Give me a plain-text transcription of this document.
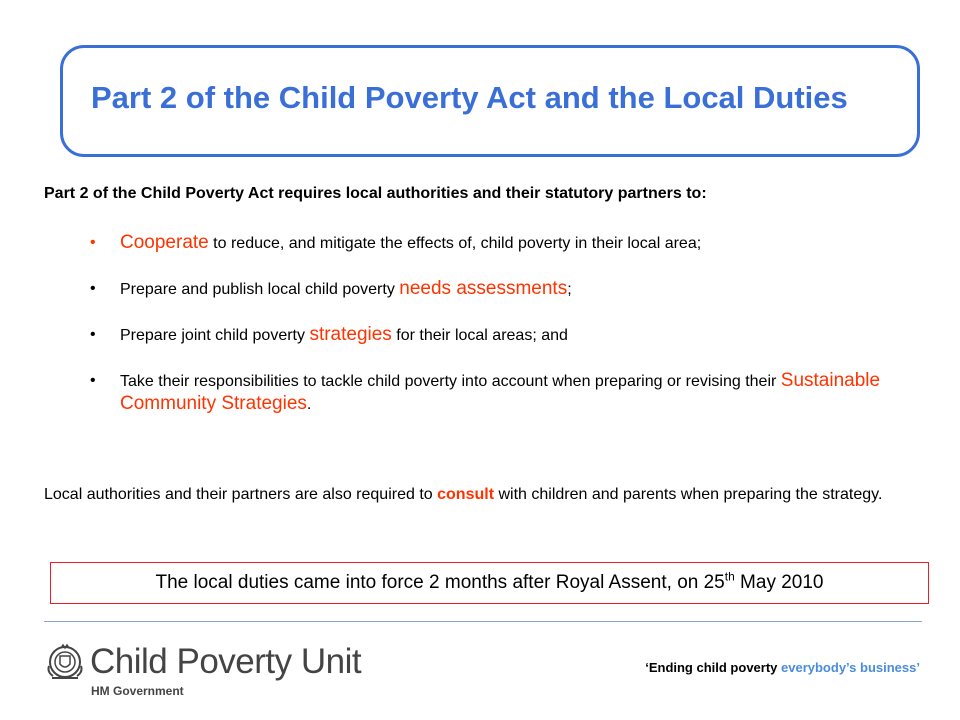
Part 2 of the Child Poverty Act and the Local Duties

Part 2 of the Child Poverty Act requires local authorities and their statutory partners to:

• Cooperate to reduce, and mitigate the effects of, child poverty in their local area;
• Prepare and publish local child poverty needs assessments;
• Prepare joint child poverty strategies for their local areas; and
• Take their responsibilities to tackle child poverty into account when preparing or revising their Sustainable Community Strategies.

Local authorities and their partners are also required to consult with children and parents when preparing the strategy.

The local duties came into force 2 months after Royal Assent, on 25th May 2010
Child Poverty Unit
HM Government
‘Ending child poverty everybody’s business’
